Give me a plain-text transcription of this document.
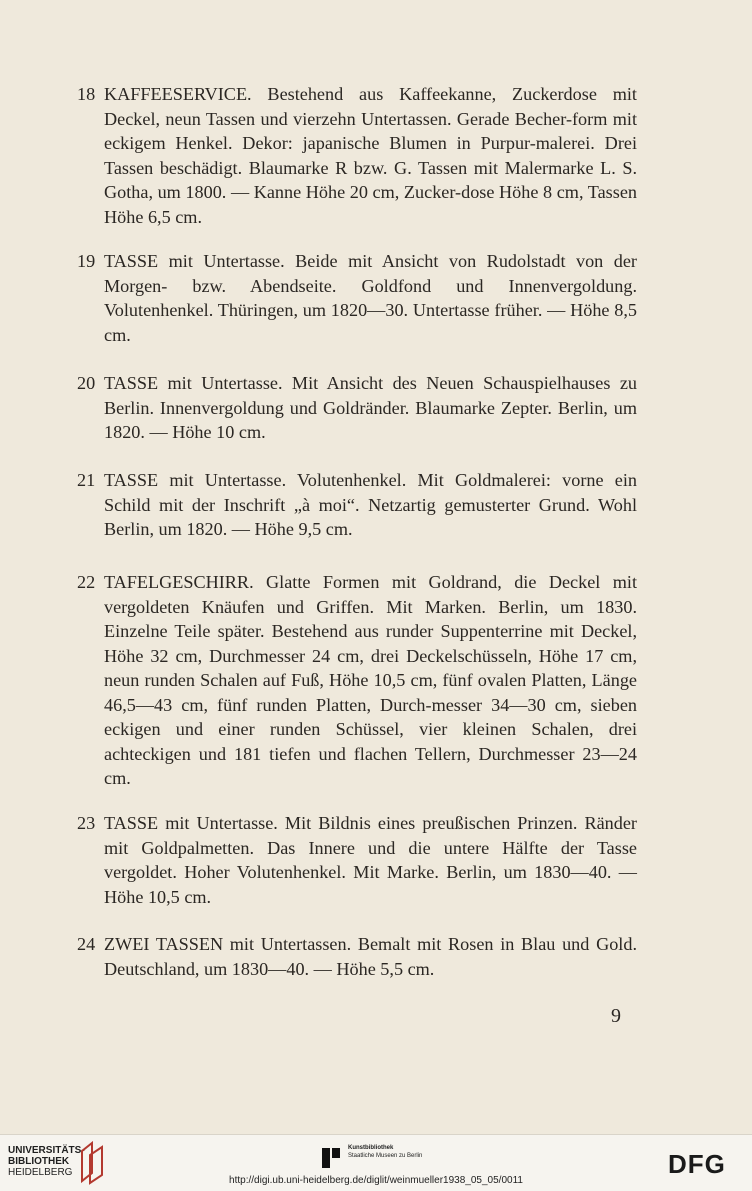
18 KAFFEESERVICE. Bestehend aus Kaffeekanne, Zuckerdose mit Deckel, neun Tassen und vierzehn Untertassen. Gerade Becher-form mit eckigem Henkel. Dekor: japanische Blumen in Purpur-malerei. Drei Tassen beschädigt. Blaumarke R bzw. G. Tassen mit Malermarke L. S. Gotha, um 1800. — Kanne Höhe 20 cm, Zucker-dose Höhe 8 cm, Tassen Höhe 6,5 cm.
19 TASSE mit Untertasse. Beide mit Ansicht von Rudolstadt von der Morgen- bzw. Abendseite. Goldfond und Innenvergoldung. Volutenhenkel. Thüringen, um 1820—30. Untertasse früher. — Höhe 8,5 cm.
20 TASSE mit Untertasse. Mit Ansicht des Neuen Schauspielhauses zu Berlin. Innenvergoldung und Goldränder. Blaumarke Zepter. Berlin, um 1820. — Höhe 10 cm.
21 TASSE mit Untertasse. Volutenhenkel. Mit Goldmalerei: vorne ein Schild mit der Inschrift „à moi“. Netzartig gemusterter Grund. Wohl Berlin, um 1820. — Höhe 9,5 cm.
22 TAFELGESCHIRR. Glatte Formen mit Goldrand, die Deckel mit vergoldeten Knäufen und Griffen. Mit Marken. Berlin, um 1830. Einzelne Teile später. Bestehend aus runder Suppenterrine mit Deckel, Höhe 32 cm, Durchmesser 24 cm, drei Deckelschüsseln, Höhe 17 cm, neun runden Schalen auf Fuß, Höhe 10,5 cm, fünf ovalen Platten, Länge 46,5—43 cm, fünf runden Platten, Durch-messer 34—30 cm, sieben eckigen und einer runden Schüssel, vier kleinen Schalen, drei achteckigen und 181 tiefen und flachen Tellern, Durchmesser 23—24 cm.
23 TASSE mit Untertasse. Mit Bildnis eines preußischen Prinzen. Ränder mit Goldpalmetten. Das Innere und die untere Hälfte der Tasse vergoldet. Hoher Volutenhenkel. Mit Marke. Berlin, um 1830—40. — Höhe 10,5 cm.
24 ZWEI TASSEN mit Untertassen. Bemalt mit Rosen in Blau und Gold. Deutschland, um 1830—40. — Höhe 5,5 cm.
9
UNIVERSITÄTS-
BIBLIOTHEK
HEIDELBERG
Kunstbibliothek
Staatliche Museen zu Berlin
http://digi.ub.uni-heidelberg.de/diglit/weinmueller1938_05_05/0011
DFG
